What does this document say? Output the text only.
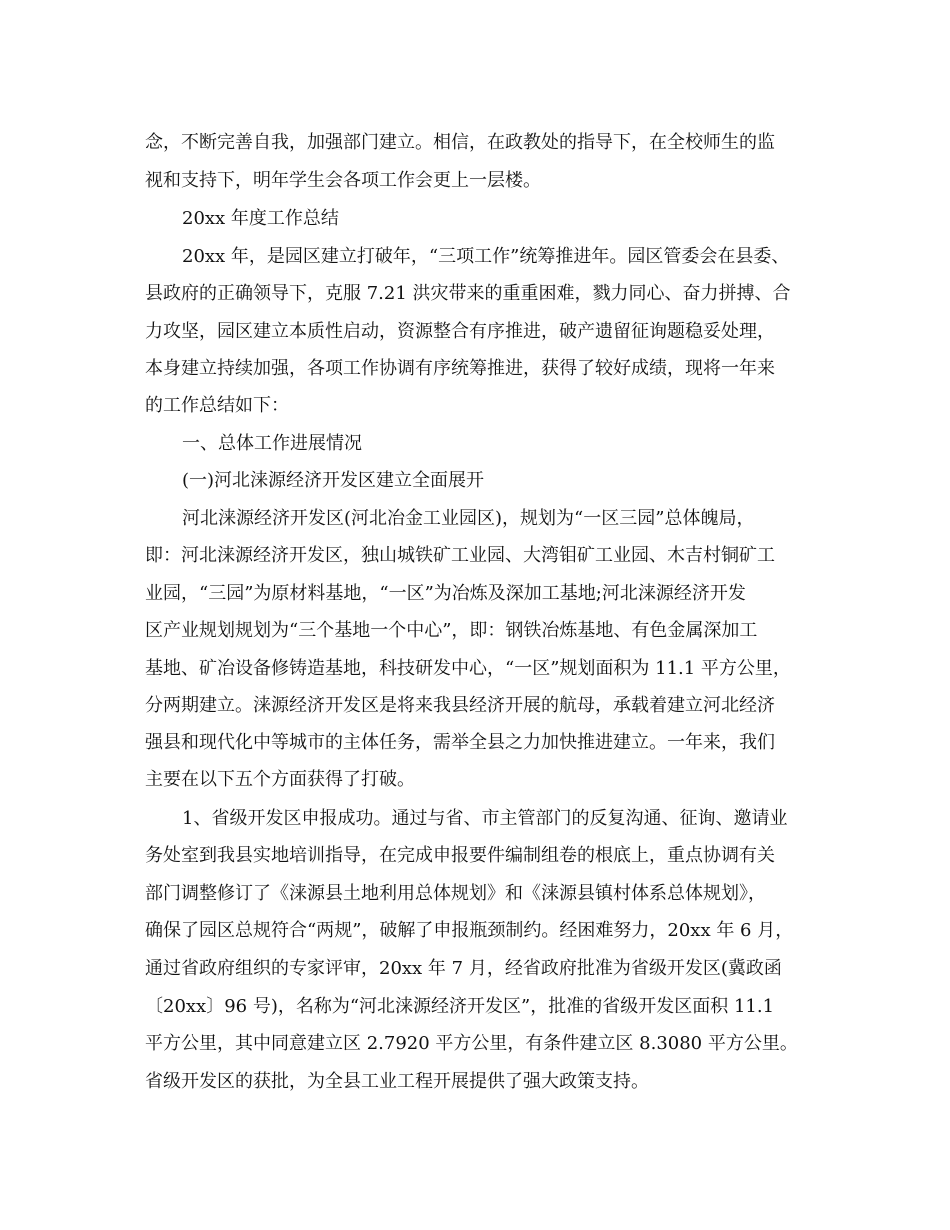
念，不断完善自我，加强部门建立。相信，在政教处的指导下，在全校师生的监
视和支持下，明年学生会各项工作会更上一层楼。
20xx 年度工作总结
20xx 年，是园区建立打破年，“三项工作”统筹推进年。园区管委会在县委、
县政府的正确领导下，克服 7.21 洪灾带来的重重困难，戮力同心、奋力拼搏、合
力攻坚，园区建立本质性启动，资源整合有序推进，破产遗留征询题稳妥处理，
本身建立持续加强，各项工作协调有序统筹推进，获得了较好成绩，现将一年来
的工作总结如下：
一、总体工作进展情况
(一)河北涞源经济开发区建立全面展开
河北涞源经济开发区(河北冶金工业园区)，规划为“一区三园”总体魄局，
即：河北涞源经济开发区，独山城铁矿工业园、大湾钼矿工业园、木吉村铜矿工
业园，“三园”为原材料基地，“一区”为冶炼及深加工基地;河北涞源经济开发
区产业规划规划为“三个基地一个中心”，即：钢铁冶炼基地、有色金属深加工
基地、矿冶设备修铸造基地，科技研发中心，“一区”规划面积为 11.1 平方公里，
分两期建立。涞源经济开发区是将来我县经济开展的航母，承载着建立河北经济
强县和现代化中等城市的主体任务，需举全县之力加快推进建立。一年来，我们
主要在以下五个方面获得了打破。
1、省级开发区申报成功。通过与省、市主管部门的反复沟通、征询、邀请业
务处室到我县实地培训指导，在完成申报要件编制组卷的根底上，重点协调有关
部门调整修订了《涞源县土地利用总体规划》和《涞源县镇村体系总体规划》，
确保了园区总规符合“两规”，破解了申报瓶颈制约。经困难努力，20xx 年 6 月，
通过省政府组织的专家评审，20xx 年 7 月，经省政府批准为省级开发区(冀政函
〔20xx〕96 号)，名称为“河北涞源经济开发区”，批准的省级开发区面积 11.1
平方公里，其中同意建立区 2.7920 平方公里，有条件建立区 8.3080 平方公里。
省级开发区的获批，为全县工业工程开展提供了强大政策支持。
